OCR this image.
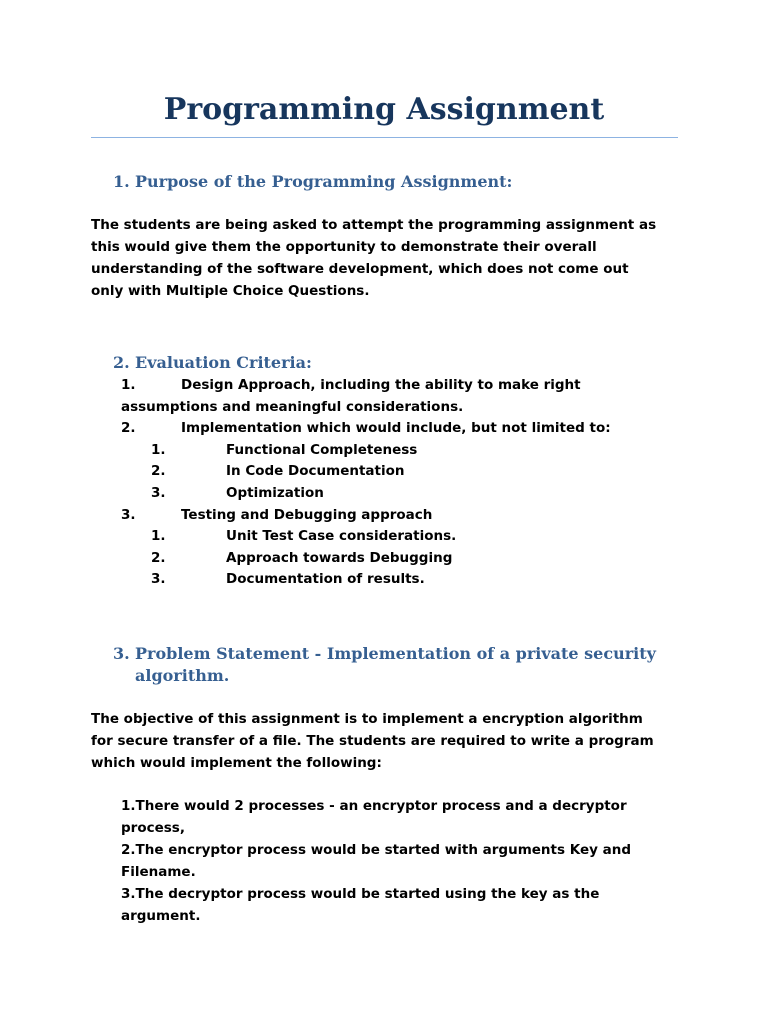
Programming Assignment
1. Purpose of the Programming Assignment:
The students are being asked to attempt the programming assignment as
this would give them the opportunity to demonstrate their overall
understanding of the software development, which does not come out
only with Multiple Choice Questions.
2. Evaluation Criteria:
1.	Design Approach, including the ability to make right
assumptions and meaningful considerations.
2.	Implementation which would include, but not limited to:
1.	Functional Completeness
2.	In Code Documentation
3.	Optimization
3.	Testing and Debugging approach
1.	Unit Test Case considerations.
2.	Approach towards Debugging
3.	Documentation of results.
3. Problem Statement - Implementation of a private security
algorithm.
The objective of this assignment is to implement a encryption algorithm
for secure transfer of a file. The students are required to write a program
which would implement the following:
1.There would 2 processes - an encryptor process and a decryptor
process,
2.The encryptor process would be started with arguments Key and
Filename.
3.The decryptor process would be started using the key as the
argument.
